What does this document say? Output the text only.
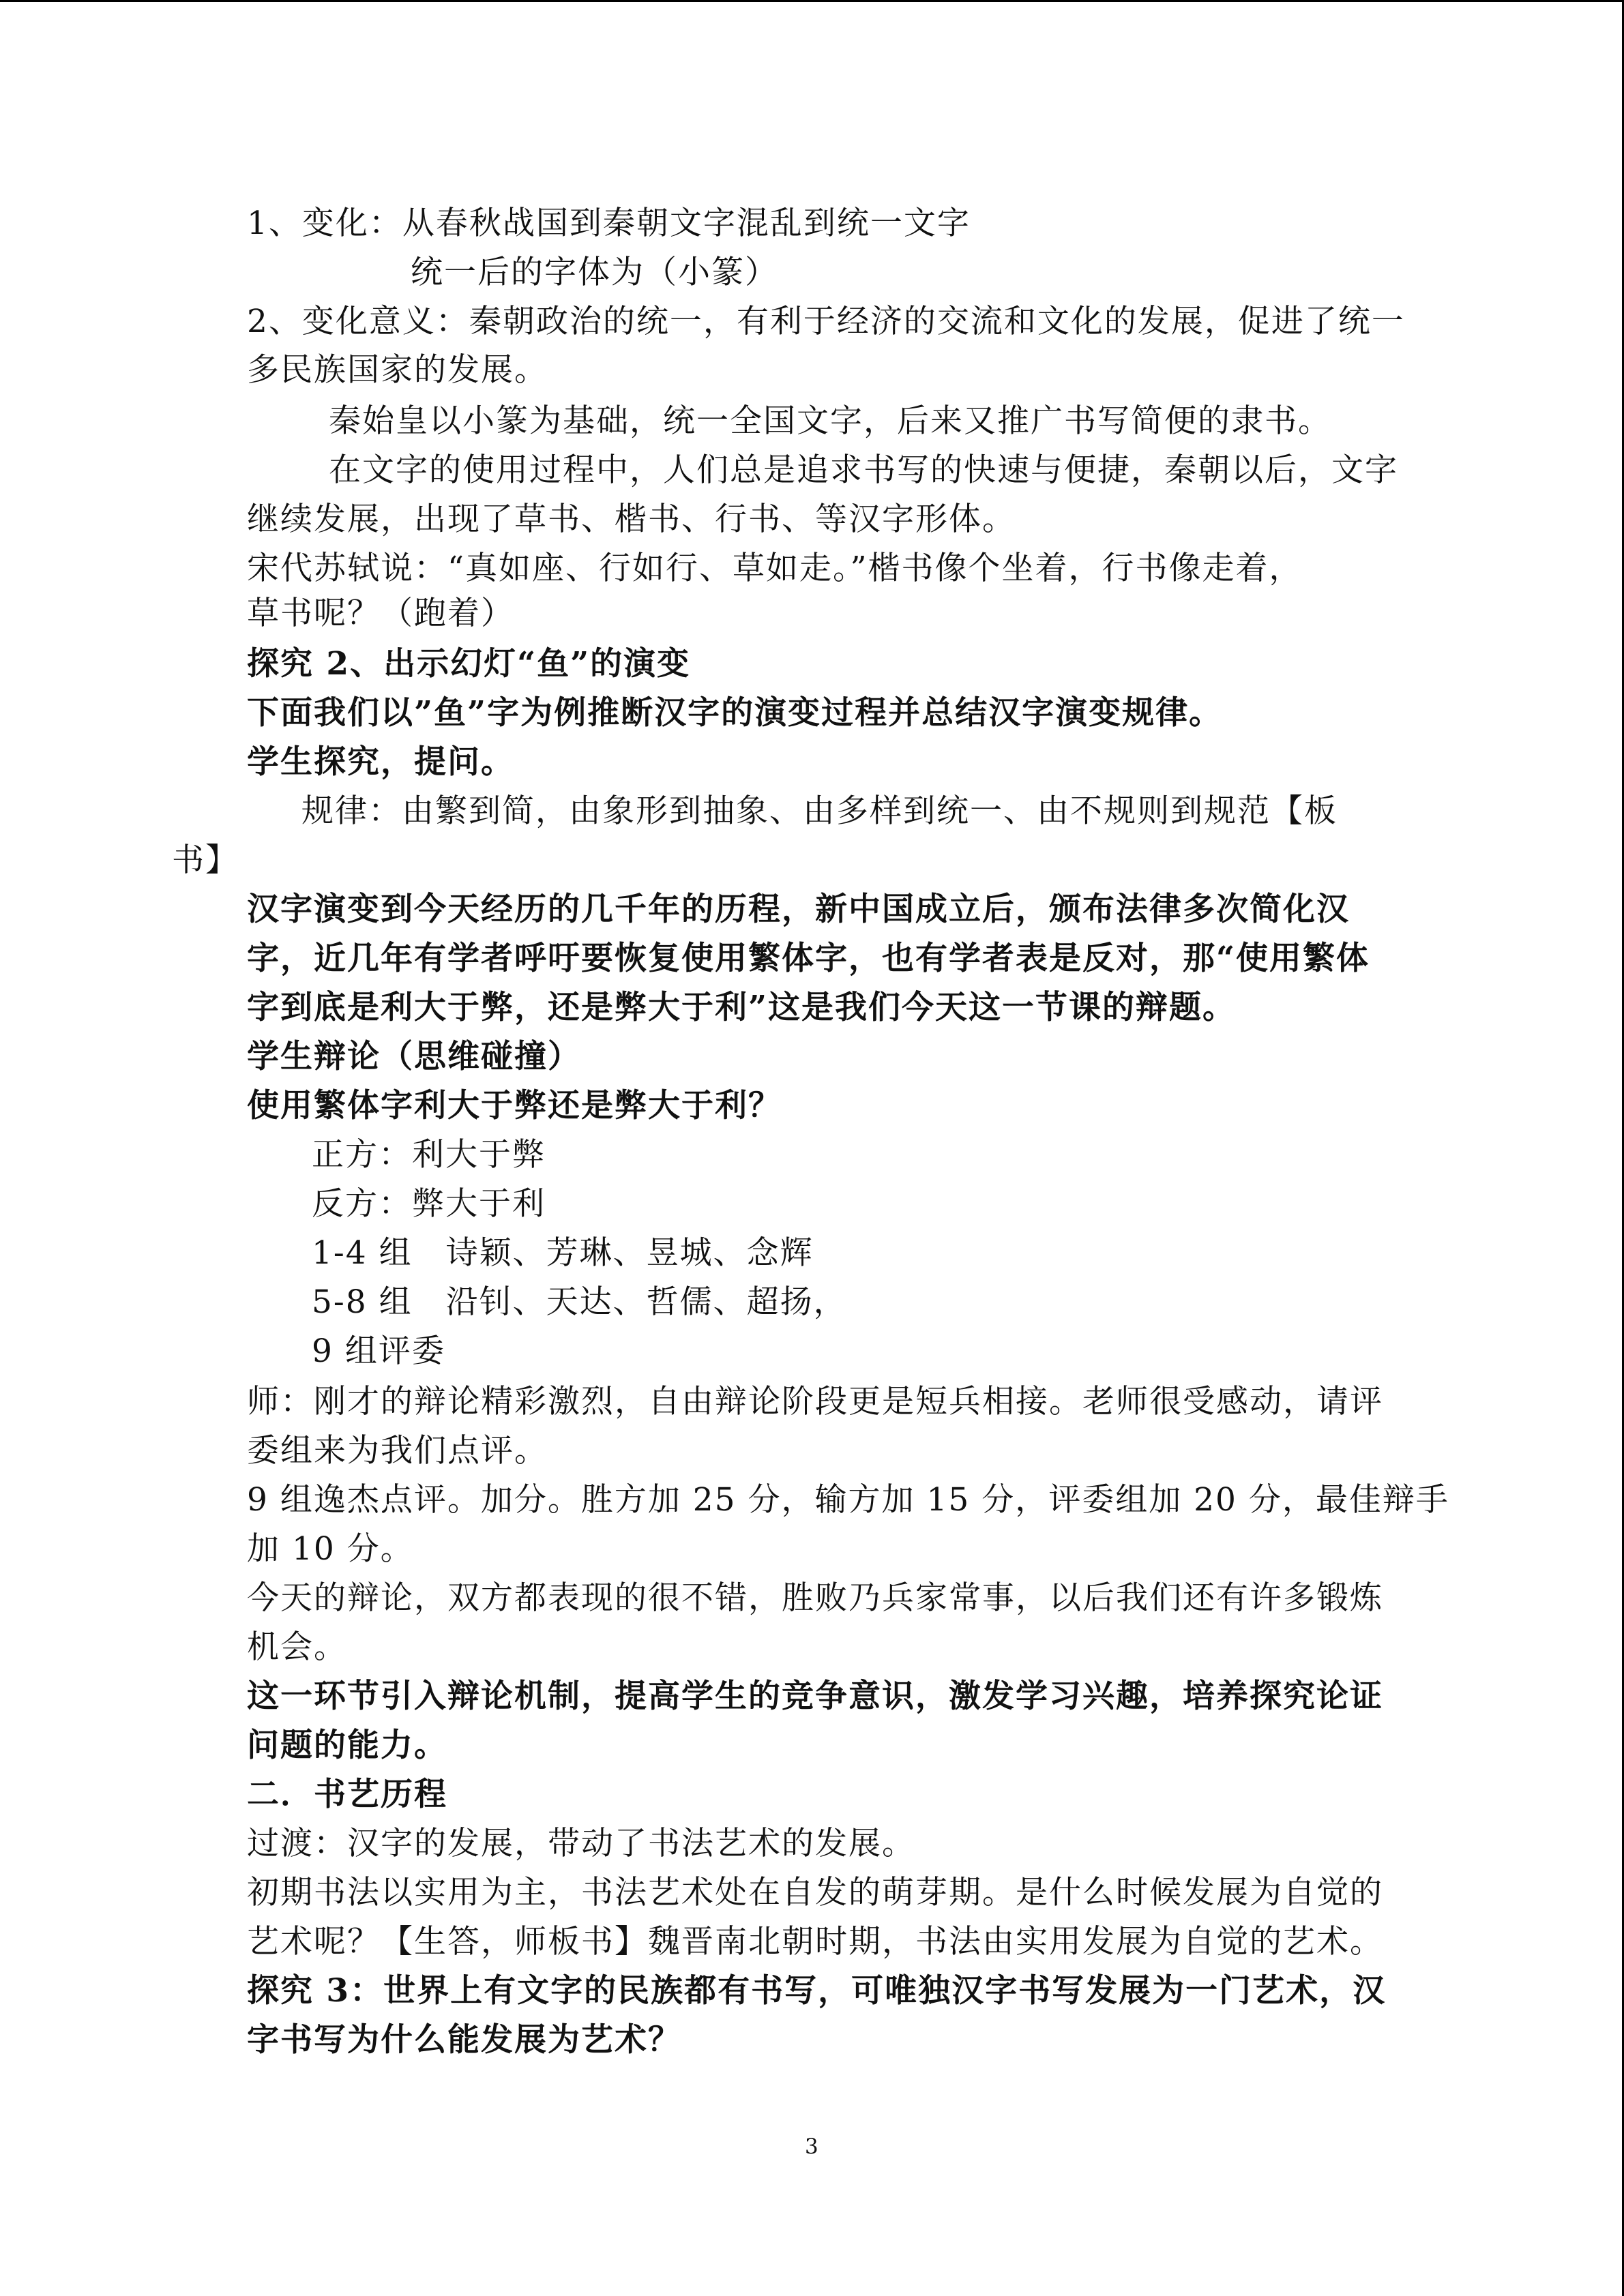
1、变化：从春秋战国到秦朝文字混乱到统一文字
统一后的字体为（小篆）
2、变化意义：秦朝政治的统一，有利于经济的交流和文化的发展，促进了统一
多民族国家的发展。
秦始皇以小篆为基础，统一全国文字，后来又推广书写简便的隶书。
在文字的使用过程中，人们总是追求书写的快速与便捷，秦朝以后，文字
继续发展，出现了草书、楷书、行书、等汉字形体。
宋代苏轼说：“真如座、行如行、草如走。”楷书像个坐着，行书像走着，
草书呢？（跑着）
探究 2、出示幻灯“鱼”的演变
下面我们以”鱼”字为例推断汉字的演变过程并总结汉字演变规律。
学生探究，提问。
规律：由繁到简，由象形到抽象、由多样到统一、由不规则到规范【板
书】
汉字演变到今天经历的几千年的历程，新中国成立后，颁布法律多次简化汉
字，近几年有学者呼吁要恢复使用繁体字，也有学者表是反对，那“使用繁体
字到底是利大于弊，还是弊大于利”这是我们今天这一节课的辩题。
学生辩论（思维碰撞）
使用繁体字利大于弊还是弊大于利？
正方：利大于弊
反方：弊大于利
1-4 组　诗颖、芳琳、昱城、念辉
5-8 组　沿钊、天达、哲儒、超扬，
9 组评委
师：刚才的辩论精彩激烈，自由辩论阶段更是短兵相接。老师很受感动，请评
委组来为我们点评。
9 组逸杰点评。加分。胜方加 25 分，输方加 15 分，评委组加 20 分，最佳辩手
加 10 分。
今天的辩论，双方都表现的很不错，胜败乃兵家常事，以后我们还有许多锻炼
机会。
这一环节引入辩论机制，提高学生的竞争意识，激发学习兴趣，培养探究论证
问题的能力。
二．书艺历程
过渡：汉字的发展，带动了书法艺术的发展。
初期书法以实用为主，书法艺术处在自发的萌芽期。是什么时候发展为自觉的
艺术呢？【生答，师板书】魏晋南北朝时期，书法由实用发展为自觉的艺术。
探究 3：世界上有文字的民族都有书写，可唯独汉字书写发展为一门艺术，汉
字书写为什么能发展为艺术？
3
